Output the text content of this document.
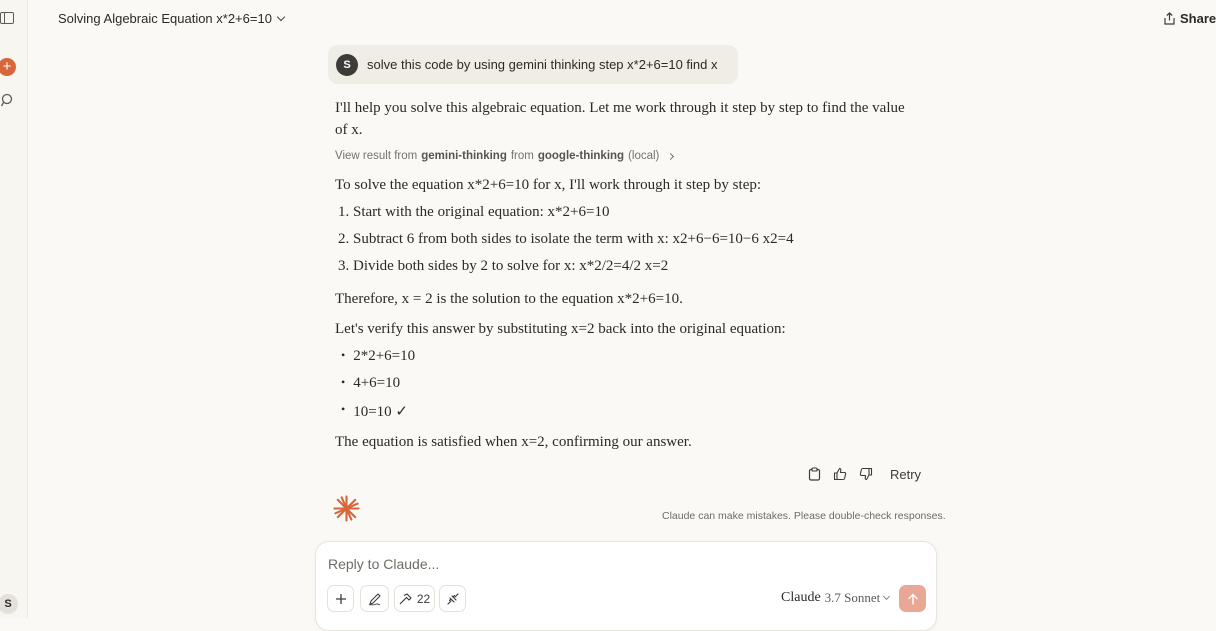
+
S
Solving Algebraic Equation x*2+6=10	Share
S	solve this code by using gemini thinking step x*2+6=10 find x
I'll help you solve this algebraic equation. Let me work through it step by step to find the value of x.
View result from gemini-thinking from google-thinking (local)
To solve the equation x*2+6=10 for x, I'll work through it step by step:
1. Start with the original equation: x*2+6=10
2. Subtract 6 from both sides to isolate the term with x: x2+6−6=10−6 x2=4
3. Divide both sides by 2 to solve for x: x*2/2=4/2 x=2
Therefore, x = 2 is the solution to the equation x*2+6=10.
Let's verify this answer by substituting x=2 back into the original equation:
• 2*2+6=10
• 4+6=10
• 10=10 ✓
The equation is satisfied when x=2, confirming our answer.
Retry
Claude can make mistakes. Please double-check responses.
Reply to Claude...
22	Claude 3.7 Sonnet
